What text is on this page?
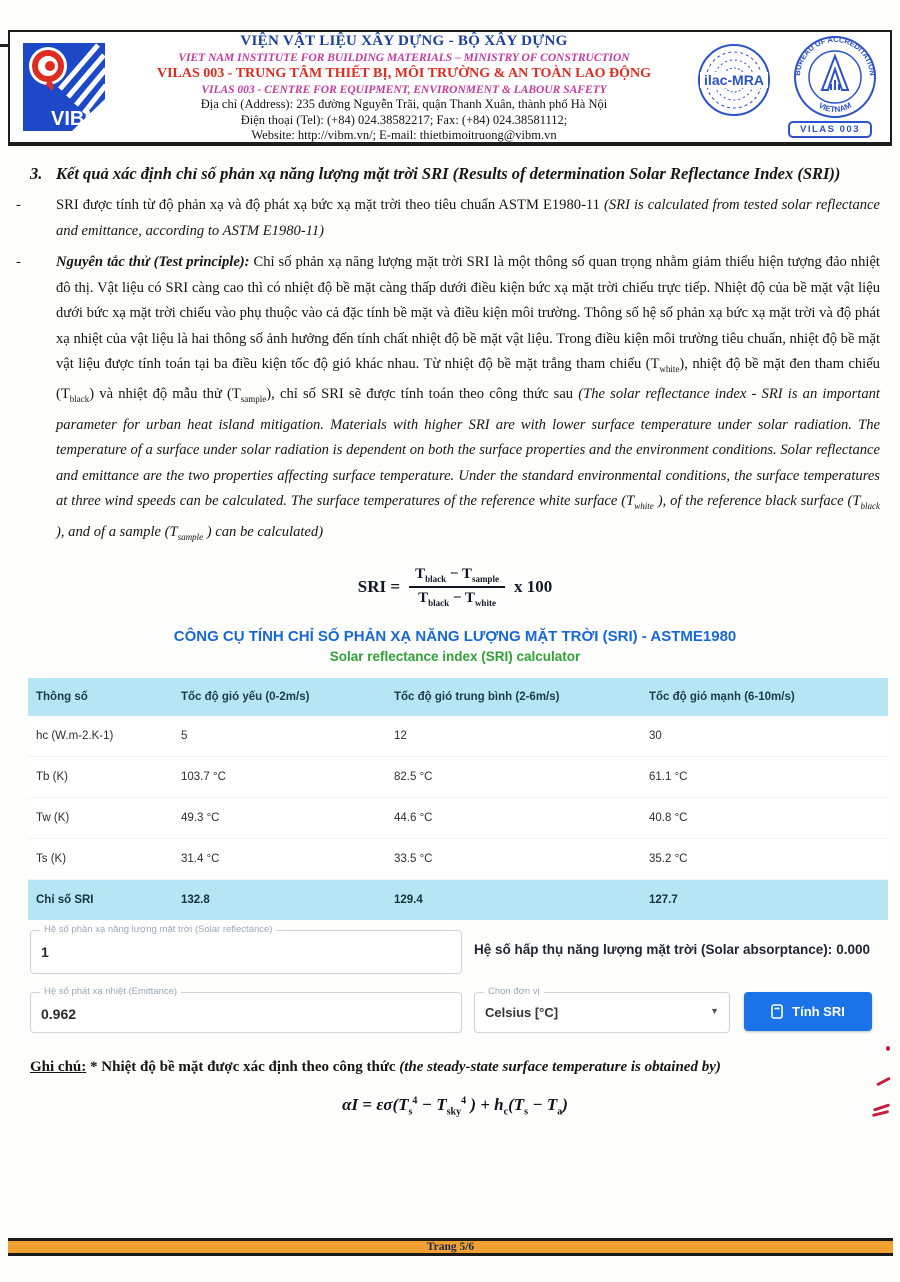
VIBM
VIỆN VẬT LIỆU XÂY DỰNG - BỘ XÂY DỰNG
VIET NAM INSTITUTE FOR BUILDING MATERIALS – MINISTRY OF CONSTRUCTION
VILAS 003 - TRUNG TÂM THIẾT BỊ, MÔI TRƯỜNG & AN TOÀN LAO ĐỘNG
VILAS 003 - CENTRE FOR EQUIPMENT, ENVIRONMENT & LABOUR SAFETY
Địa chỉ (Address): 235 đường Nguyễn Trãi, quận Thanh Xuân, thành phố Hà Nội
Điện thoại (Tel): (+84) 024.38582217; Fax: (+84) 024.38581112;
Website: http://vibm.vn/; E-mail: thietbimoitruong@vibm.vn
ilac-MRA	BUREAU OF ACCREDITATION
VIETNAM
VILAS 003
3. Kết quả xác định chỉ số phản xạ năng lượng mặt trời SRI (Results of determination Solar Reflectance Index (SRI))
- SRI được tính từ độ phản xạ và độ phát xạ bức xạ mặt trời theo tiêu chuẩn ASTM E1980-11 (SRI is calculated from tested solar reflectance and emittance, according to ASTM E1980-11)
- Nguyên tắc thử (Test principle): Chỉ số phản xạ năng lượng mặt trời SRI là một thông số quan trọng nhằm giảm thiểu hiện tượng đảo nhiệt đô thị. Vật liệu có SRI càng cao thì có nhiệt độ bề mặt càng thấp dưới điều kiện bức xạ mặt trời chiếu trực tiếp. Nhiệt độ của bề mặt vật liệu dưới bức xạ mặt trời chiếu vào phụ thuộc vào cả đặc tính bề mặt và điều kiện môi trường. Thông số hệ số phản xạ bức xạ mặt trời và độ phát xạ nhiệt của vật liệu là hai thông số ảnh hưởng đến tính chất nhiệt độ bề mặt vật liệu. Trong điều kiện môi trường tiêu chuẩn, nhiệt độ bề mặt vật liệu được tính toán tại ba điều kiện tốc độ gió khác nhau. Từ nhiệt độ bề mặt trắng tham chiếu $(T_{white})$, nhiệt độ bề mặt đen tham chiếu $(T_{black})$ và nhiệt độ mẫu thử $(T_{sample})$, chỉ số SRI sẽ được tính toán theo công thức sau (The solar reflectance index - SRI is an important parameter for urban heat island mitigation. Materials with higher SRI are with lower surface temperature under solar radiation. The temperature of a surface under solar radiation is dependent on both the surface properties and the environment conditions. Solar reflectance and emittance are the two properties affecting surface temperature. Under the standard environmental conditions, the surface temperatures at three wind speeds can be calculated. The surface temperatures of the reference white surface ($T_{white}$ ), of the reference black surface ($T_{black}$ ), and of a sample ($T_{sample}$ ) can be calculated)
SRI = $\frac{T_{black} - T_{sample}}{T_{black} - T_{white}}$ x 100
CÔNG CỤ TÍNH CHỈ SỐ PHẢN XẠ NĂNG LƯỢNG MẶT TRỜI (SRI) - ASTME1980
Solar reflectance index (SRI) calculator
Thông số	Tốc độ gió yếu (0-2m/s)	Tốc độ gió trung bình (2-6m/s)	Tốc độ gió mạnh (6-10m/s)
hc (W.m-2.K-1)	5	12	30
Tb (K)	103.7 °C	82.5 °C	61.1 °C
Tw (K)	49.3 °C	44.6 °C	40.8 °C
Ts (K)	31.4 °C	33.5 °C	35.2 °C
Chỉ số SRI	132.8	129.4	127.7
Hệ số phản xạ năng lượng mặt trời (Solar reflectance)
1
Hệ số hấp thụ năng lượng mặt trời (Solar absorptance): 0.000
Hệ số phát xạ nhiệt (Emittance)
0.962	Chọn đơn vị
Celsius [°C]	▼	Tính SRI
Ghi chú: * Nhiệt độ bề mặt được xác định theo công thức (the steady-state surface temperature is obtained by)
$\alpha I = \varepsilon\sigma(T_s^4 - T_{sky}^4$ ) + $h_c(T_s - T_a)$
Trang 5/6
